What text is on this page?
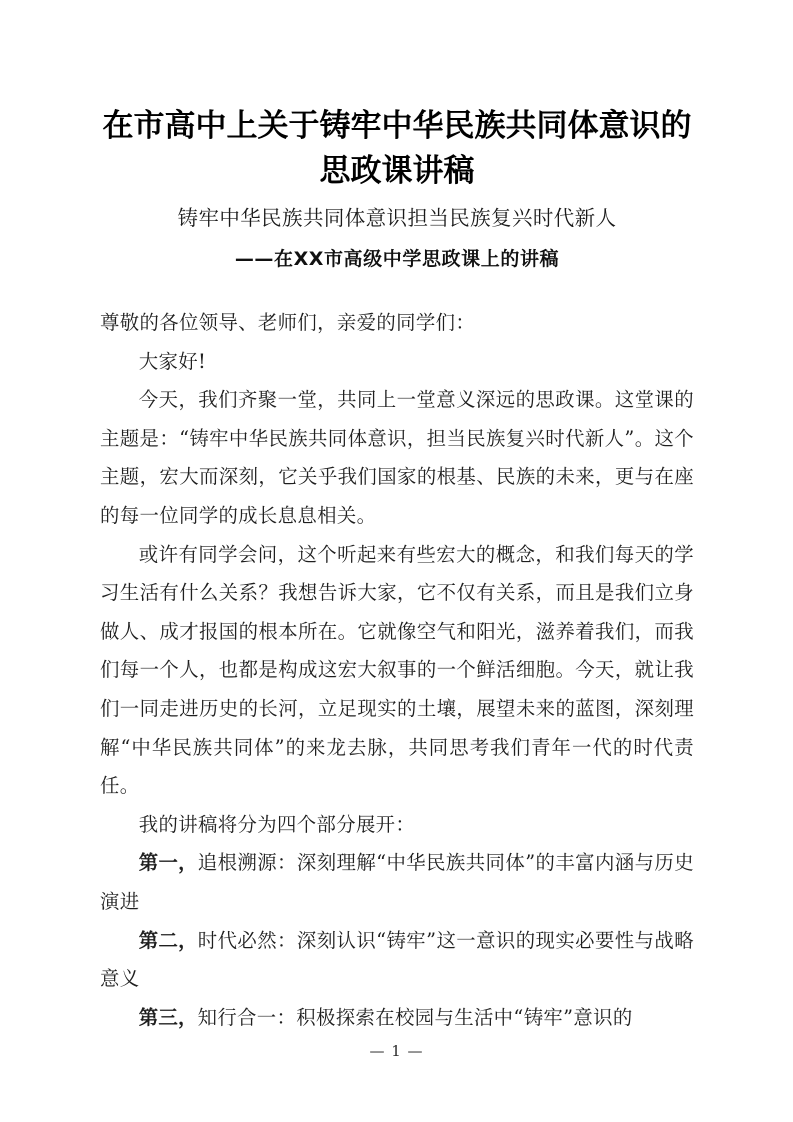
在市高中上关于铸牢中华民族共同体意识的思政课讲稿
铸牢中华民族共同体意识担当民族复兴时代新人
——在XX市高级中学思政课上的讲稿

尊敬的各位领导、老师们，亲爱的同学们：

大家好!

今天，我们齐聚一堂，共同上一堂意义深远的思政课。这堂课的主题是：“铸牢中华民族共同体意识，担当民族复兴时代新人”。这个主题，宏大而深刻，它关乎我们国家的根基、民族的未来，更与在座的每一位同学的成长息息相关。

或许有同学会问，这个听起来有些宏大的概念，和我们每天的学习生活有什么关系？我想告诉大家，它不仅有关系，而且是我们立身做人、成才报国的根本所在。它就像空气和阳光，滋养着我们，而我们每一个人，也都是构成这宏大叙事的一个鲜活细胞。今天，就让我们一同走进历史的长河，立足现实的土壤，展望未来的蓝图，深刻理解“中华民族共同体”的来龙去脉，共同思考我们青年一代的时代责任。

我的讲稿将分为四个部分展开：

第一，追根溯源：深刻理解“中华民族共同体”的丰富内涵与历史演进

第二，时代必然：深刻认识“铸牢”这一意识的现实必要性与战略意义

第三，知行合一：积极探索在校园与生活中“铸牢”意识的

— 1 —
